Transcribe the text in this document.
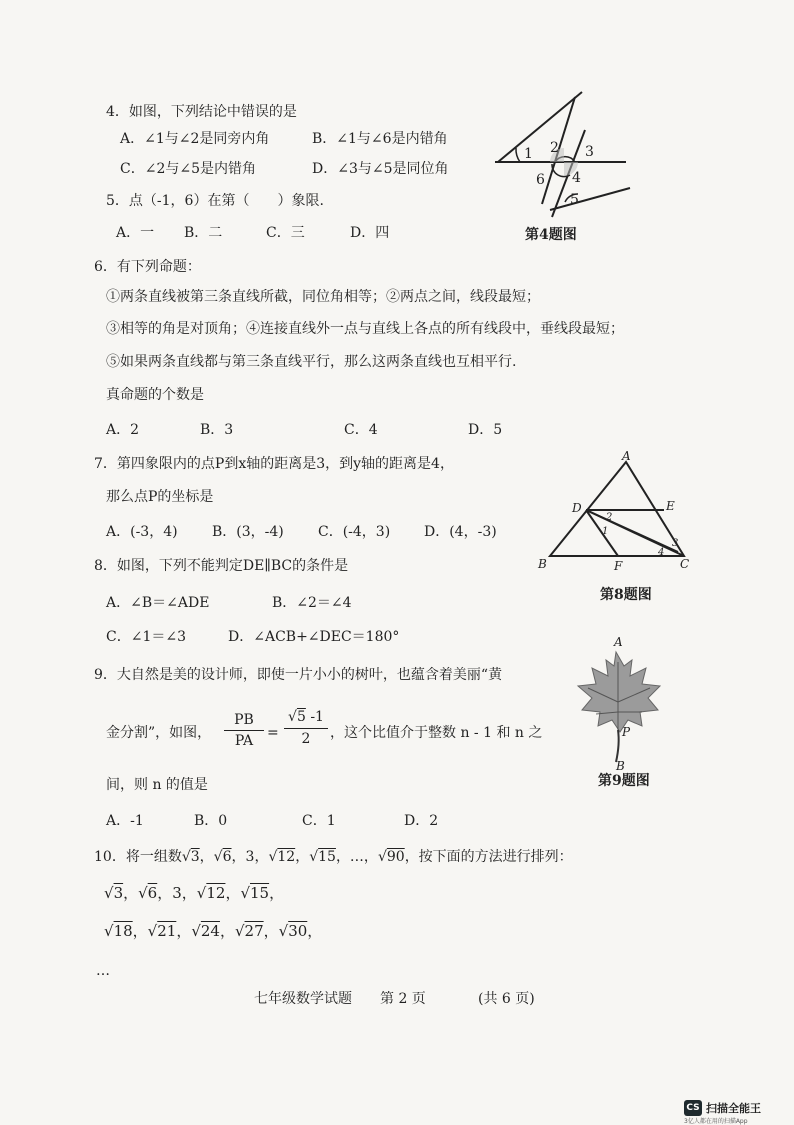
4．如图，下列结论中错误的是
A．∠1与∠2是同旁内角	B．∠1与∠6是内错角
C．∠2与∠5是内错角	D．∠3与∠5是同位角
1 2 3
4
5
6
第4题图
5．点（-1，6）在第（　　）象限.
A．一 B．二	C．三	D．四
6．有下列命题：
①两条直线被第三条直线所截，同位角相等；②两点之间，线段最短；
③相等的角是对顶角；④连接直线外一点与直线上各点的所有线段中，垂线段最短；
⑤如果两条直线都与第三条直线平行，那么这两条直线也互相平行.
真命题的个数是
A．2	B．3	C．4	D．5
7．第四象限内的点P到x轴的距离是3，到y轴的距离是4，
那么点P的坐标是
A．(-3，4) B．(3，-4) C．(-4，3) D．(4，-3)
A
B	C
D	E
F
1
2
3
4
第8题图
8．如图，下列不能判定DE∥BC的条件是
A．∠B＝∠ADE	B．∠2＝∠4
C．∠1＝∠3	D．∠ACB+∠DEC＝180°
9．大自然是美的设计师，即使一片小小的树叶，也蕴含着美丽“黄
金分割”，如图，
PB
PA =
√5 -1
2	，这个比值介于整数 n - 1 和 n 之
间，则 n 的值是
A．-1	B．0	C．1	D．2
A
P
B
第9题图
10．将一组数√3，√6，3，√12，√15，…，√90，按下面的方法进行排列：
√3，√6，3，√12，√15，
√18，√21，√24，√27，√30，
…
七年级数学试题 第 2 页	(共 6 页)
CS 扫描全能王
3亿人都在用的扫描App
